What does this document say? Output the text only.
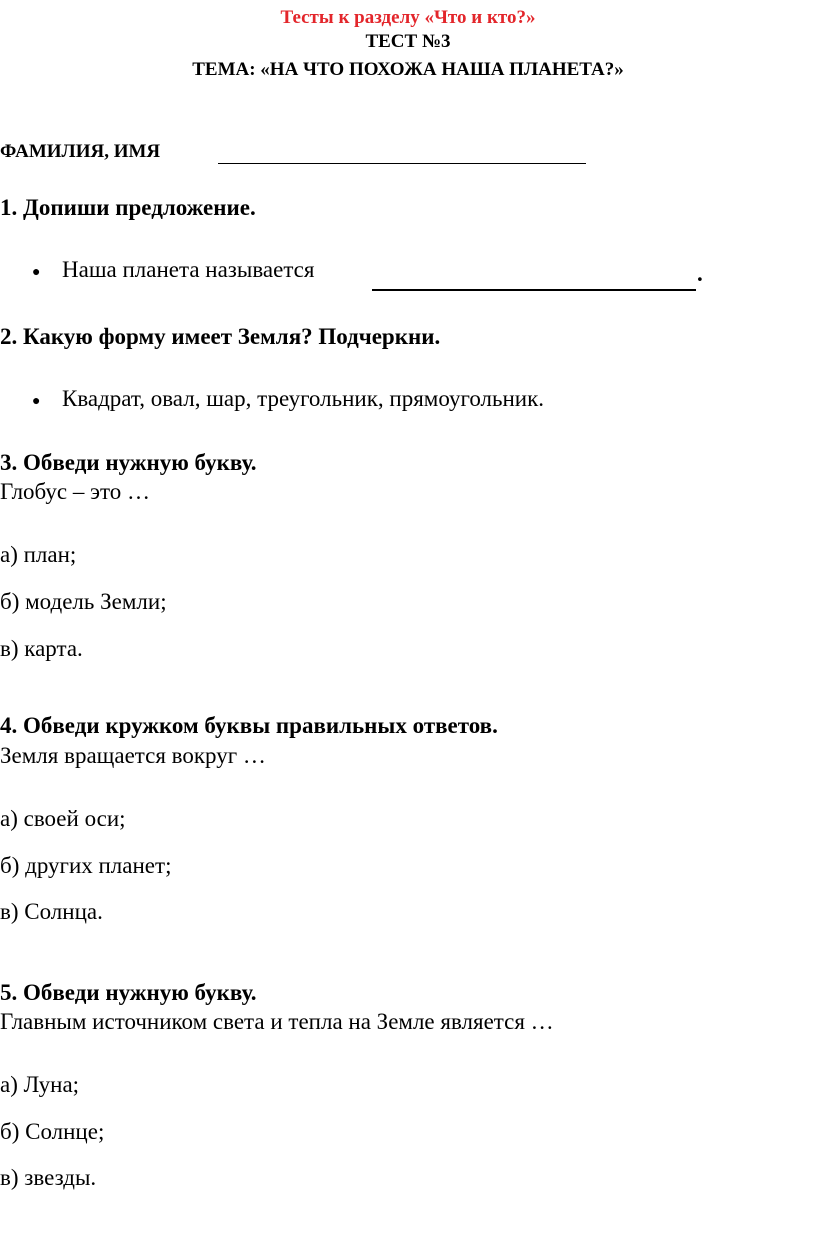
Тесты к разделу «Что и кто?»
ТЕСТ №3
ТЕМА: «НА ЧТО ПОХОЖА НАША ПЛАНЕТА?»
ФАМИЛИЯ, ИМЯ
1. Допиши предложение.
● Наша планета называется	.
2. Какую форму имеет Земля? Подчеркни.
● Квадрат, овал, шар, треугольник, прямоугольник.
3. Обведи нужную букву.
Глобус – это …
а) план;
б) модель Земли;
в) карта.
4. Обведи кружком буквы правильных ответов.
Земля вращается вокруг …
а) своей оси;
б) других планет;
в) Солнца.
5. Обведи нужную букву.
Главным источником света и тепла на Земле является …
а) Луна;
б) Солнце;
в) звезды.
